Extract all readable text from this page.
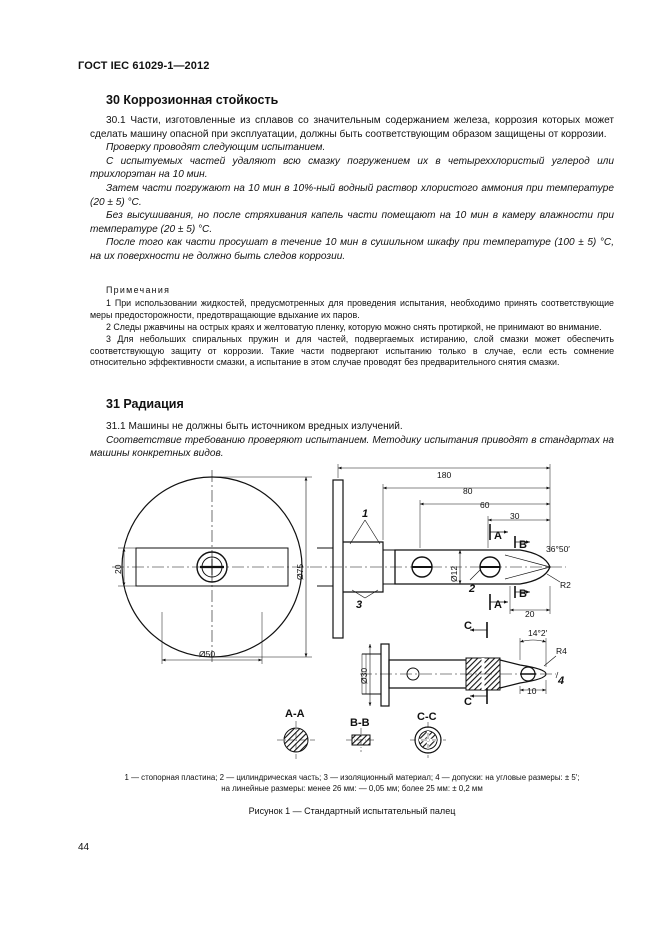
ГОСТ IEC 61029-1—2012
30 Коррозионная стойкость

30.1 Части, изготовленные из сплавов со значительным содержанием железа, коррозия которых может сделать машину опасной при эксплуатации, должны быть соответствующим образом защищены от коррозии.

Проверку проводят следующим испытанием.

С испытуемых частей удаляют всю смазку погружением их в четыреххлористый углерод или трихлорэтан на 10 мин.

Затем части погружают на 10 мин в 10%-ный водный раствор хлористого аммония при температуре (20 ± 5) °С.

Без высушивания, но после стряхивания капель части помещают на 10 мин в камеру влажности при температуре (20 ± 5) °С.

После того как части просушат в течение 10 мин в сушильном шкафу при температуре (100 ± 5) °С, на их поверхности не должно быть следов коррозии.

Примечания

1 При использовании жидкостей, предусмотренных для проведения испытания, необходимо принять соответствующие меры предосторожности, предотвращающие вдыхание их паров.

2 Следы ржавчины на острых краях и желтоватую пленку, которую можно снять протиркой, не принимают во внимание.

3 Для небольших спиральных пружин и для частей, подвергаемых истиранию, слой смазки может обеспечить соответствующую защиту от коррозии. Такие части подвергают испытанию только в случае, если есть сомнение относительно эффективности смазки, а испытание в этом случае проводят без предварительного снятия смазки.

31 Радиация

31.1 Машины не должны быть источником вредных излучений.

Соответствие требованию проверяют испытанием. Методику испытания приводят в стандартах на машины конкретных видов.

180
80
60
30
20
10
36°50′
14°2′
R2
R4
Ø50
20	Ø75	Ø12
Ø30
1
2
3
4
A
A
B
B
C
C
A-A
B-B	C-C
1 — стопорная пластина; 2 — цилиндрическая часть; 3 — изоляционный материал; 4 — допуски: на угловые размеры: ± 5′;
на линейные размеры: менее 26 мм: — 0,05 мм; более 25 мм: ± 0,2 мм
Рисунок 1 — Стандартный испытательный палец
44
